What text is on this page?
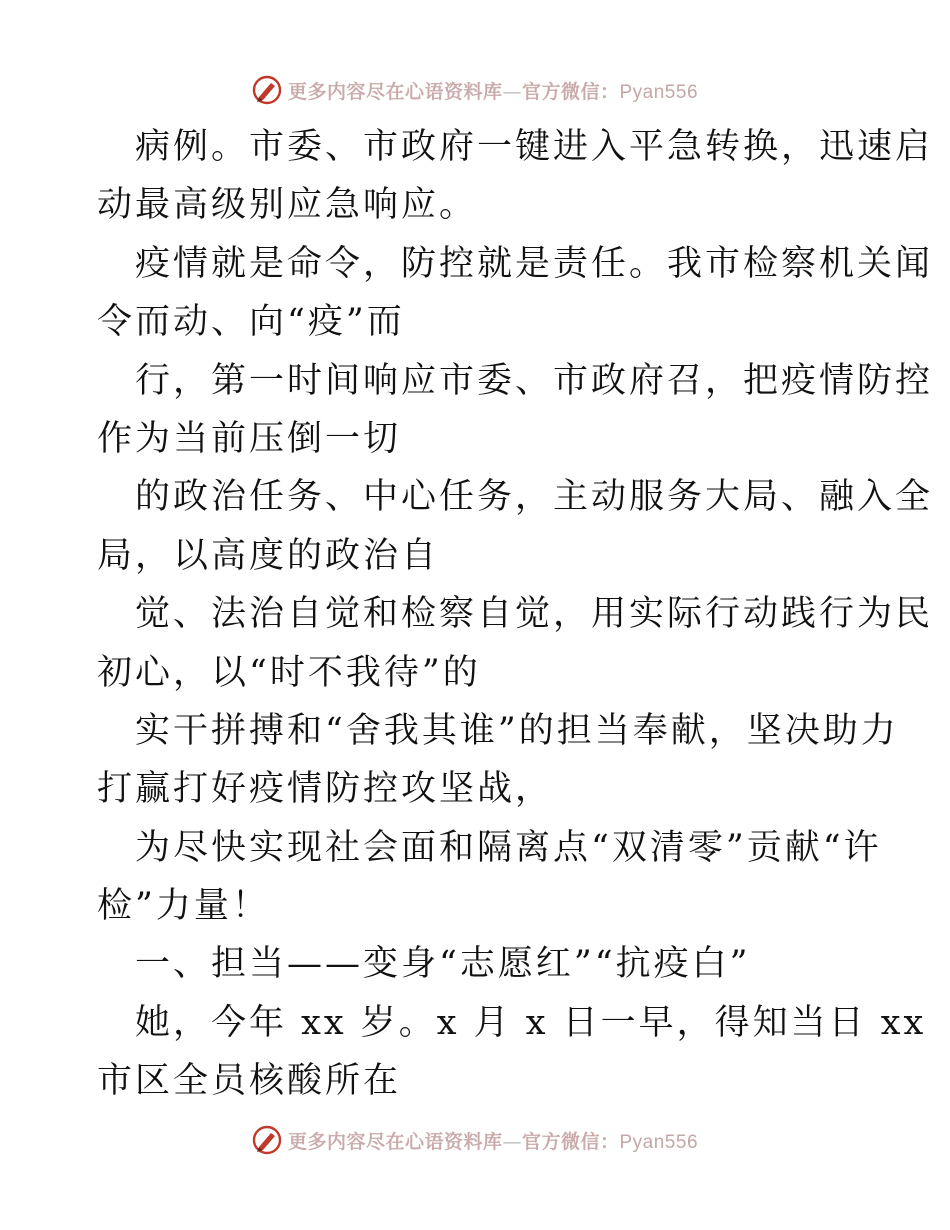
更多内容尽在心语资料库—官方微信：Pyan556
病例。市委、市政府一键进入平急转换，迅速启
动最高级别应急响应。
疫情就是命令，防控就是责任。我市检察机关闻
令而动、向“疫”而
行，第一时间响应市委、市政府召，把疫情防控
作为当前压倒一切
的政治任务、中心任务，主动服务大局、融入全
局，以高度的政治自
觉、法治自觉和检察自觉，用实际行动践行为民
初心，以“时不我待”的
实干拼搏和“舍我其谁”的担当奉献，坚决助力
打赢打好疫情防控攻坚战，
为尽快实现社会面和隔离点“双清零”贡献“许
检”力量！
一、担当——变身“志愿红”“抗疫白”
她，今年 xx 岁。x 月 x 日一早，得知当日 xx
市区全员核酸所在
更多内容尽在心语资料库—官方微信：Pyan556
